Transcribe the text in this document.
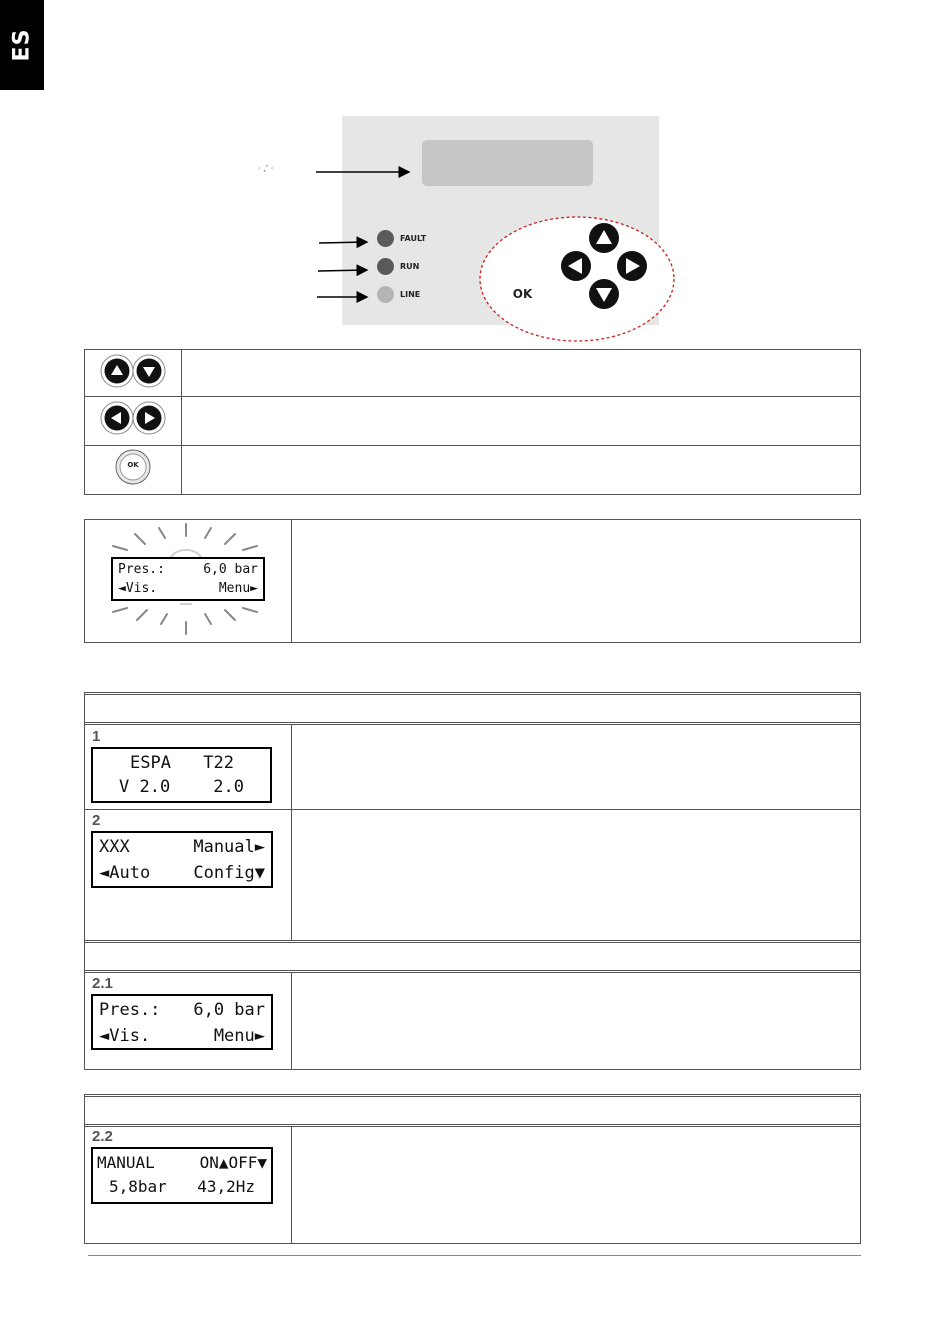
ES
FAULT
RUN
LINE
· ,’ ·
OK
OK
Pres.:	6,0 bar
◄Vis.	Menu►
1
ESPA T22
V 2.0	2.0
2
XXX	Manual►
◄Auto	Config▼
2.1
Pres.: 6,0 bar
◄Vis.	Menu►
2.2
MANUAL	ON▲OFF▼
5,8bar 43,2Hz
